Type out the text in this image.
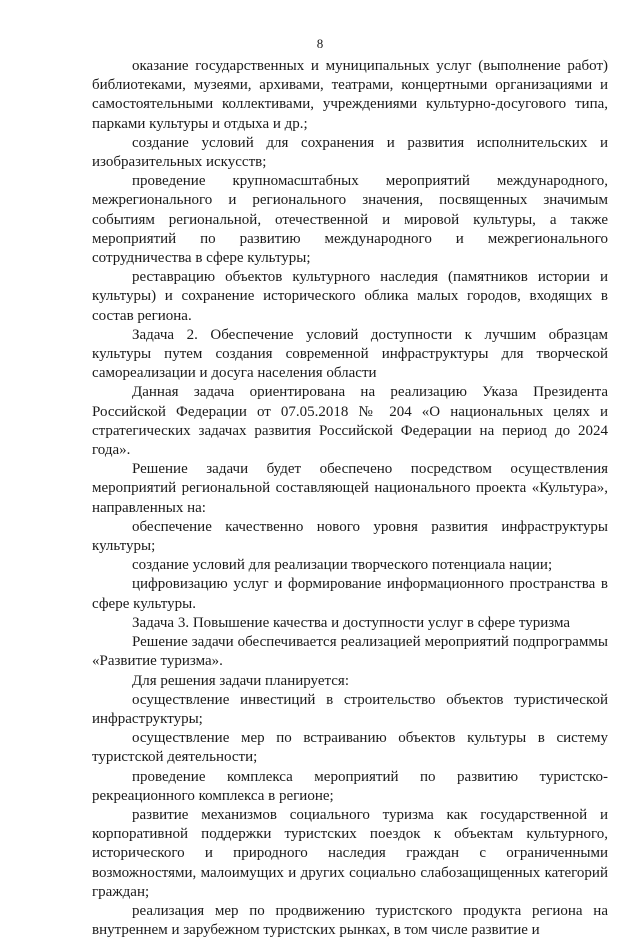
8

оказание государственных и муниципальных услуг (выполнение работ) библиотеками, музеями, архивами, театрами, концертными организациями и самостоятельными коллективами, учреждениями культурно-досугового типа, парками культуры и отдыха и др.;

создание условий для сохранения и развития исполнительских и изобразительных искусств;

проведение крупномасштабных мероприятий международного, межрегионального и регионального значения, посвященных значимым событиям региональной, отечественной и мировой культуры, а также мероприятий по развитию международного и межрегионального сотрудничества в сфере культуры;

реставрацию объектов культурного наследия (памятников истории и культуры) и сохранение исторического облика малых городов, входящих в состав региона.

Задача 2. Обеспечение условий доступности к лучшим образцам культуры путем создания современной инфраструктуры для творческой самореализации и досуга населения области

Данная задача ориентирована на реализацию Указа Президента Российской Федерации от 07.05.2018 № 204 «О национальных целях и стратегических задачах развития Российской Федерации на период до 2024 года».

Решение задачи будет обеспечено посредством осуществления мероприятий региональной составляющей национального проекта «Культура», направленных на:

обеспечение качественно нового уровня развития инфраструктуры культуры;

создание условий для реализации творческого потенциала нации;

цифровизацию услуг и формирование информационного пространства в сфере культуры.

Задача 3. Повышение качества и доступности услуг в сфере туризма

Решение задачи обеспечивается реализацией мероприятий подпрограммы «Развитие туризма».

Для решения задачи планируется:

осуществление инвестиций в строительство объектов туристической инфраструктуры;

осуществление мер по встраиванию объектов культуры в систему туристской деятельности;

проведение комплекса мероприятий по развитию туристско-рекреационного комплекса в регионе;

развитие механизмов социального туризма как государственной и корпоративной поддержки туристских поездок к объектам культурного, исторического и природного наследия граждан с ограниченными возможностями, малоимущих и других социально слабозащищенных категорий граждан;

реализация мер по продвижению туристского продукта региона на внутреннем и зарубежном туристских рынках, в том числе развитие и
